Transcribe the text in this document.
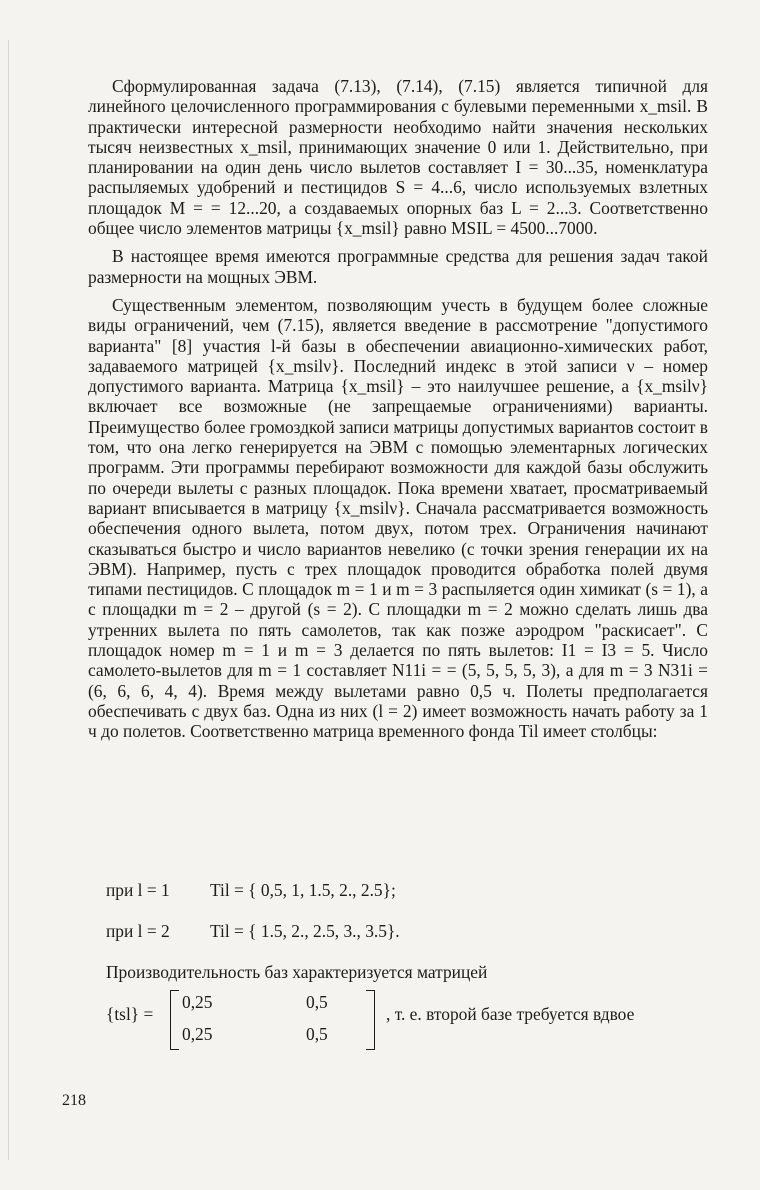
Сформулированная задача (7.13), (7.14), (7.15) является типичной для линейного целочисленного программирования с булевыми переменными x_msil. В практически интересной размерности необходимо найти значения нескольких тысяч неизвестных x_msil, принимающих значение 0 или 1. Действительно, при планировании на один день число вылетов составляет I = 30...35, номенклатура распыляемых удобрений и пестицидов S = 4...6, число используемых взлетных площадок M = = 12...20, а создаваемых опорных баз L = 2...3. Соответственно общее число элементов матрицы {x_msil} равно MSIL = 4500...7000.

В настоящее время имеются программные средства для решения задач такой размерности на мощных ЭВМ.

Существенным элементом, позволяющим учесть в будущем более сложные виды ограничений, чем (7.15), является введение в рассмотрение "допустимого варианта" [8] участия l-й базы в обеспечении авиационно-химических работ, задаваемого матрицей {x_msilν}. Последний индекс в этой записи ν – номер допустимого варианта. Матрица {x_msil} – это наилучшее решение, а {x_msilν} включает все возможные (не запрещаемые ограничениями) варианты. Преимущество более громоздкой записи матрицы допустимых вариантов состоит в том, что она легко генерируется на ЭВМ с помощью элементарных логических программ. Эти программы перебирают возможности для каждой базы обслужить по очереди вылеты с разных площадок. Пока времени хватает, просматриваемый вариант вписывается в матрицу {x_msilν}. Сначала рассматривается возможность обеспечения одного вылета, потом двух, потом трех. Ограничения начинают сказываться быстро и число вариантов невелико (с точки зрения генерации их на ЭВМ). Например, пусть с трех площадок проводится обработка полей двумя типами пестицидов. С площадок m = 1 и m = 3 распыляется один химикат (s = 1), а с площадки m = 2 – другой (s = 2). С площадки m = 2 можно сделать лишь два утренних вылета по пять самолетов, так как позже аэродром "раскисает". С площадок номер m = 1 и m = 3 делается по пять вылетов: I1 = I3 = 5. Число самолето-вылетов для m = 1 составляет N11i = = (5, 5, 5, 5, 3), а для m = 3 N31i = (6, 6, 6, 4, 4). Время между вылетами равно 0,5 ч. Полеты предполагается обеспечивать с двух баз. Одна из них (l = 2) имеет возможность начать работу за 1 ч до полетов. Соответственно матрица временного фонда Til имеет столбцы:

при l = 1 Til = { 0,5, 1, 1.5, 2., 2.5};
при l = 2 Til = { 1.5, 2., 2.5, 3., 3.5}.
Производительность баз характеризуется матрицей
{tsl} =
0,25	0,5
0,25	0,5
, т. е. второй базе требуется вдвое
218
